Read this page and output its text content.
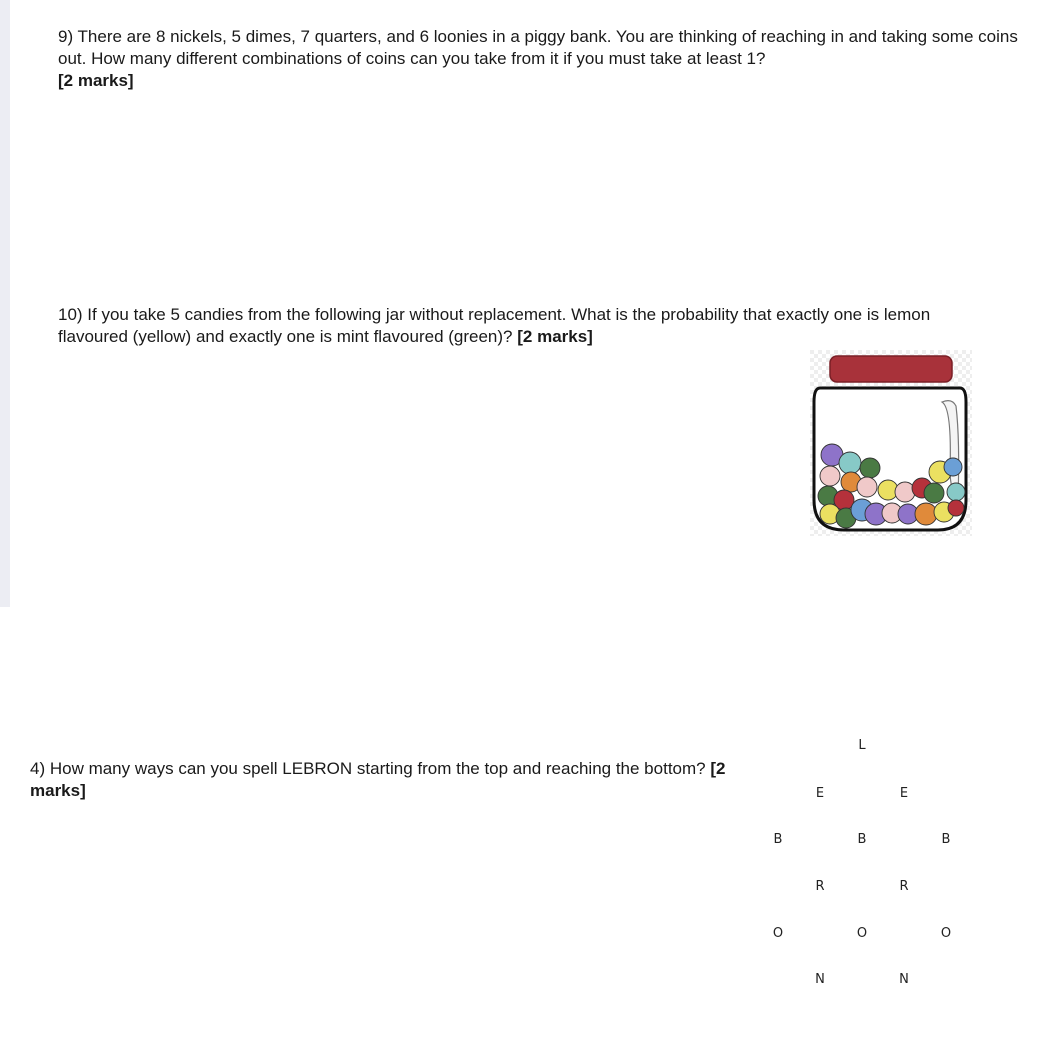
9) There are 8 nickels, 5 dimes, 7 quarters, and 6 loonies in a piggy bank. You are thinking of reaching in and taking some coins out. How many different combinations of coins can you take from it if you must take at least 1?
[2 marks]
10) If you take 5 candies from the following jar without replacement. What is the probability that exactly one is lemon flavoured (yellow) and exactly one is mint flavoured (green)? [2 marks]
4) How many ways can you spell LEBRON starting from the top and reaching the bottom? [2 marks]
L
E	E
B	B	B
R	R
O	O	O
N	N
